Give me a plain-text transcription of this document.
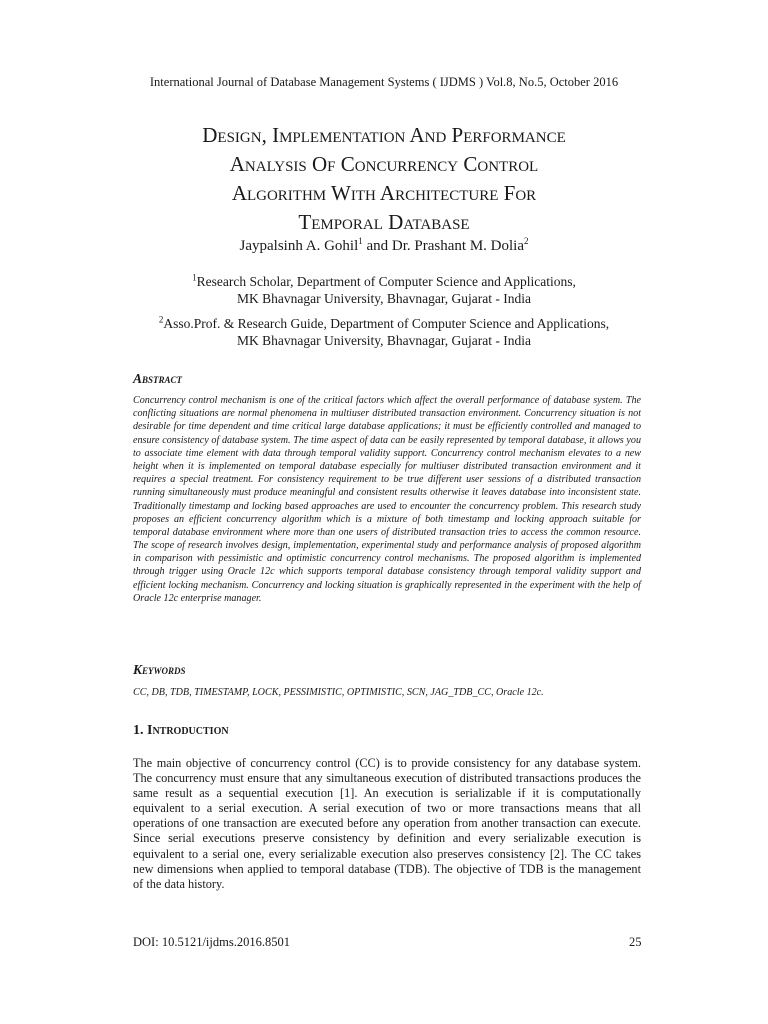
International Journal of Database Management Systems ( IJDMS ) Vol.8, No.5, October 2016
Design, Implementation And Performance
Analysis Of Concurrency Control
Algorithm With Architecture For
Temporal Database
Jaypalsinh A. Gohil$^1$ and Dr. Prashant M. Dolia$^2$
$^1$Research Scholar, Department of Computer Science and Applications,
MK Bhavnagar University, Bhavnagar, Gujarat - India
$^2$Asso.Prof. & Research Guide, Department of Computer Science and Applications,
MK Bhavnagar University, Bhavnagar, Gujarat - India
Abstract
Concurrency control mechanism is one of the critical factors which affect the overall performance of database system. The conflicting situations are normal phenomena in multiuser distributed transaction environment. Concurrency situation is not desirable for time dependent and time critical large database applications; it must be efficiently controlled and managed to ensure consistency of database system. The time aspect of data can be easily represented by temporal database, it allows you to associate time element with data through temporal validity support. Concurrency control mechanism elevates to a new height when it is implemented on temporal database especially for multiuser distributed transaction environment and it requires a special treatment. For consistency requirement to be true different user sessions of a distributed transaction running simultaneously must produce meaningful and consistent results otherwise it leaves database into inconsistent state. Traditionally timestamp and locking based approaches are used to encounter the concurrency problem. This research study proposes an efficient concurrency algorithm which is a mixture of both timestamp and locking approach suitable for temporal database environment where more than one users of distributed transaction tries to access the common resource. The scope of research involves design, implementation, experimental study and performance analysis of proposed algorithm in comparison with pessimistic and optimistic concurrency control mechanisms. The proposed algorithm is implemented through trigger using Oracle 12c which supports temporal database consistency through temporal validity support and efficient locking mechanism. Concurrency and locking situation is graphically represented in the experiment with the help of Oracle 12c enterprise manager.
Keywords
CC, DB, TDB, TIMESTAMP, LOCK, PESSIMISTIC, OPTIMISTIC, SCN, JAG_TDB_CC, Oracle 12c.
1. Introduction
The main objective of concurrency control (CC) is to provide consistency for any database system. The concurrency must ensure that any simultaneous execution of distributed transactions produces the same result as a sequential execution [1]. An execution is serializable if it is computationally equivalent to a serial execution. A serial execution of two or more transactions means that all operations of one transaction are executed before any operation from another transaction can execute. Since serial executions preserve consistency by definition and every serializable execution is equivalent to a serial one, every serializable execution also preserves consistency [2]. The CC takes new dimensions when applied to temporal database (TDB). The objective of TDB is the management of the data history.
DOI: 10.5121/ijdms.2016.8501	25
